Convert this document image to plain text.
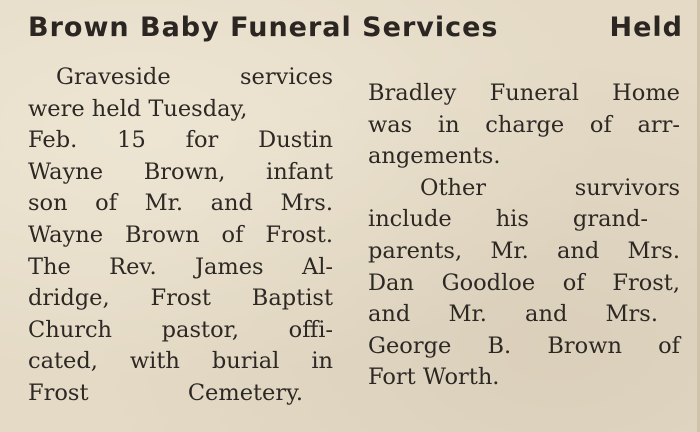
Brown Baby Funeral Services	Held
Graveside services
were held Tuesday,
Feb. 15 for Dustin
Wayne Brown, infant
son of Mr. and Mrs.
Wayne Brown of Frost.
The Rev. James Al-
dridge, Frost Baptist
Church pastor, offi-
cated, with burial in
Frost Cemetery.
Bradley Funeral Home
was in charge of arr-
angements.
Other survivors
include his grand-
parents, Mr. and Mrs.
Dan Goodloe of Frost,
and Mr. and Mrs.
George B. Brown of
Fort Worth.
